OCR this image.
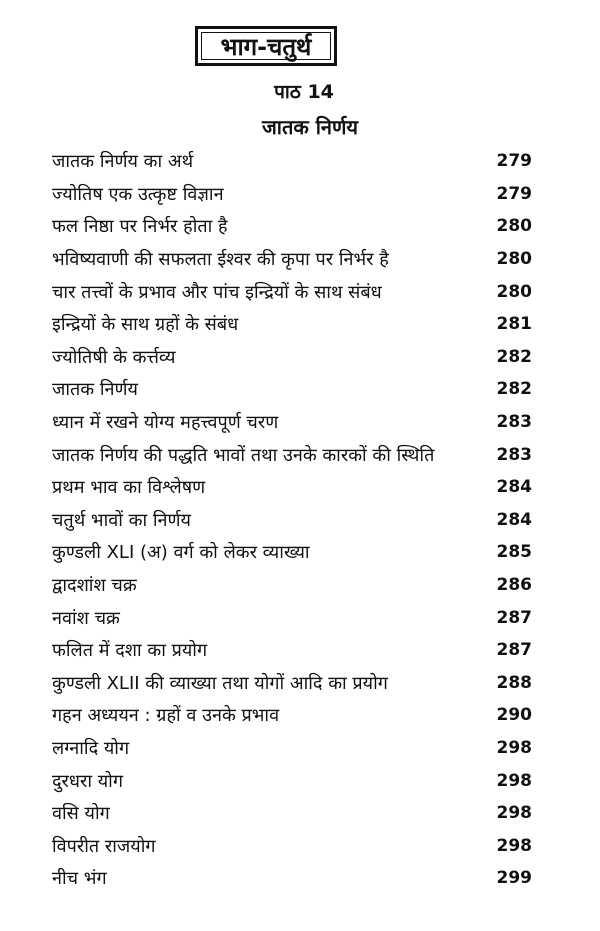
भाग-चतुर्थ
पाठ 14
जातक निर्णय
जातक निर्णय का अर्थ	279
ज्योतिष एक उत्कृष्ट विज्ञान	279
फल निष्ठा पर निर्भर होता है	280
भविष्यवाणी की सफलता ईश्वर की कृपा पर निर्भर है	280
चार तत्त्वों के प्रभाव और पांच इन्द्रियों के साथ संबंध	280
इन्द्रियों के साथ ग्रहों के संबंध	281
ज्योतिषी के कर्त्तव्य	282
जातक निर्णय	282
ध्यान में रखने योग्य महत्त्वपूर्ण चरण	283
जातक निर्णय की पद्धति भावों तथा उनके कारकों की स्थिति	283
प्रथम भाव का विश्लेषण	284
चतुर्थ भावों का निर्णय	284
कुण्डली XLI (अ) वर्ग को लेकर व्याख्या	285
द्वादशांश चक्र	286
नवांश चक्र	287
फलित में दशा का प्रयोग	287
कुण्डली XLII की व्याख्या तथा योगों आदि का प्रयोग	288
गहन अध्ययन : ग्रहों व उनके प्रभाव	290
लग्नादि योग	298
दुरधरा योग	298
वसि योग	298
विपरीत राजयोग	298
नीच भंग	299
